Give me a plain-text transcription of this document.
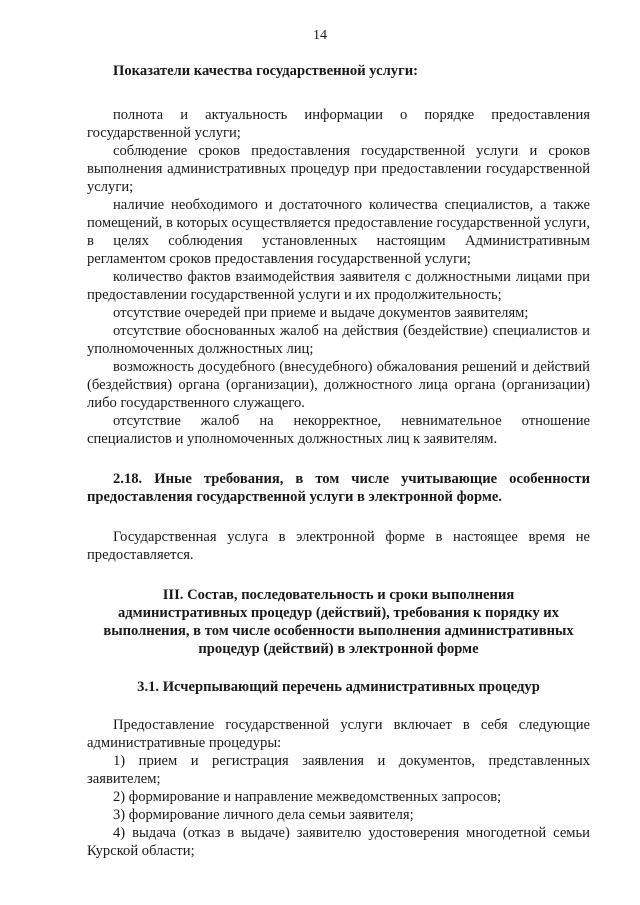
14

Показатели качества государственной услуги:

полнота и актуальность информации о порядке предоставления государственной услуги;

соблюдение сроков предоставления государственной услуги и сроков выполнения административных процедур при предоставлении государственной услуги;

наличие необходимого и достаточного количества специалистов, а также помещений, в которых осуществляется предоставление государственной услуги, в целях соблюдения установленных настоящим Административным регламентом сроков предоставления государственной услуги;

количество фактов взаимодействия заявителя с должностными лицами при предоставлении государственной услуги и их продолжительность;

отсутствие очередей при приеме и выдаче документов заявителям;

отсутствие обоснованных жалоб на действия (бездействие) специалистов и уполномоченных должностных лиц;

возможность досудебного (внесудебного) обжалования решений и действий (бездействия) органа (организации), должностного лица органа (организации) либо государственного служащего.

отсутствие жалоб на некорректное, невнимательное отношение специалистов и уполномоченных должностных лиц к заявителям.

2.18. Иные требования, в том числе учитывающие особенности предоставления государственной услуги в электронной форме.

Государственная услуга в электронной форме в настоящее время не предоставляется.

III. Состав, последовательность и сроки выполнения административных процедур (действий), требования к порядку их выполнения, в том числе особенности выполнения административных процедур (действий) в электронной форме

3.1. Исчерпывающий перечень административных процедур

Предоставление государственной услуги включает в себя следующие административные процедуры:

1) прием и регистрация заявления и документов, представленных заявителем;

2) формирование и направление межведомственных запросов;

3) формирование личного дела семьи заявителя;

4) выдача (отказ в выдаче) заявителю удостоверения многодетной семьи Курской области;
